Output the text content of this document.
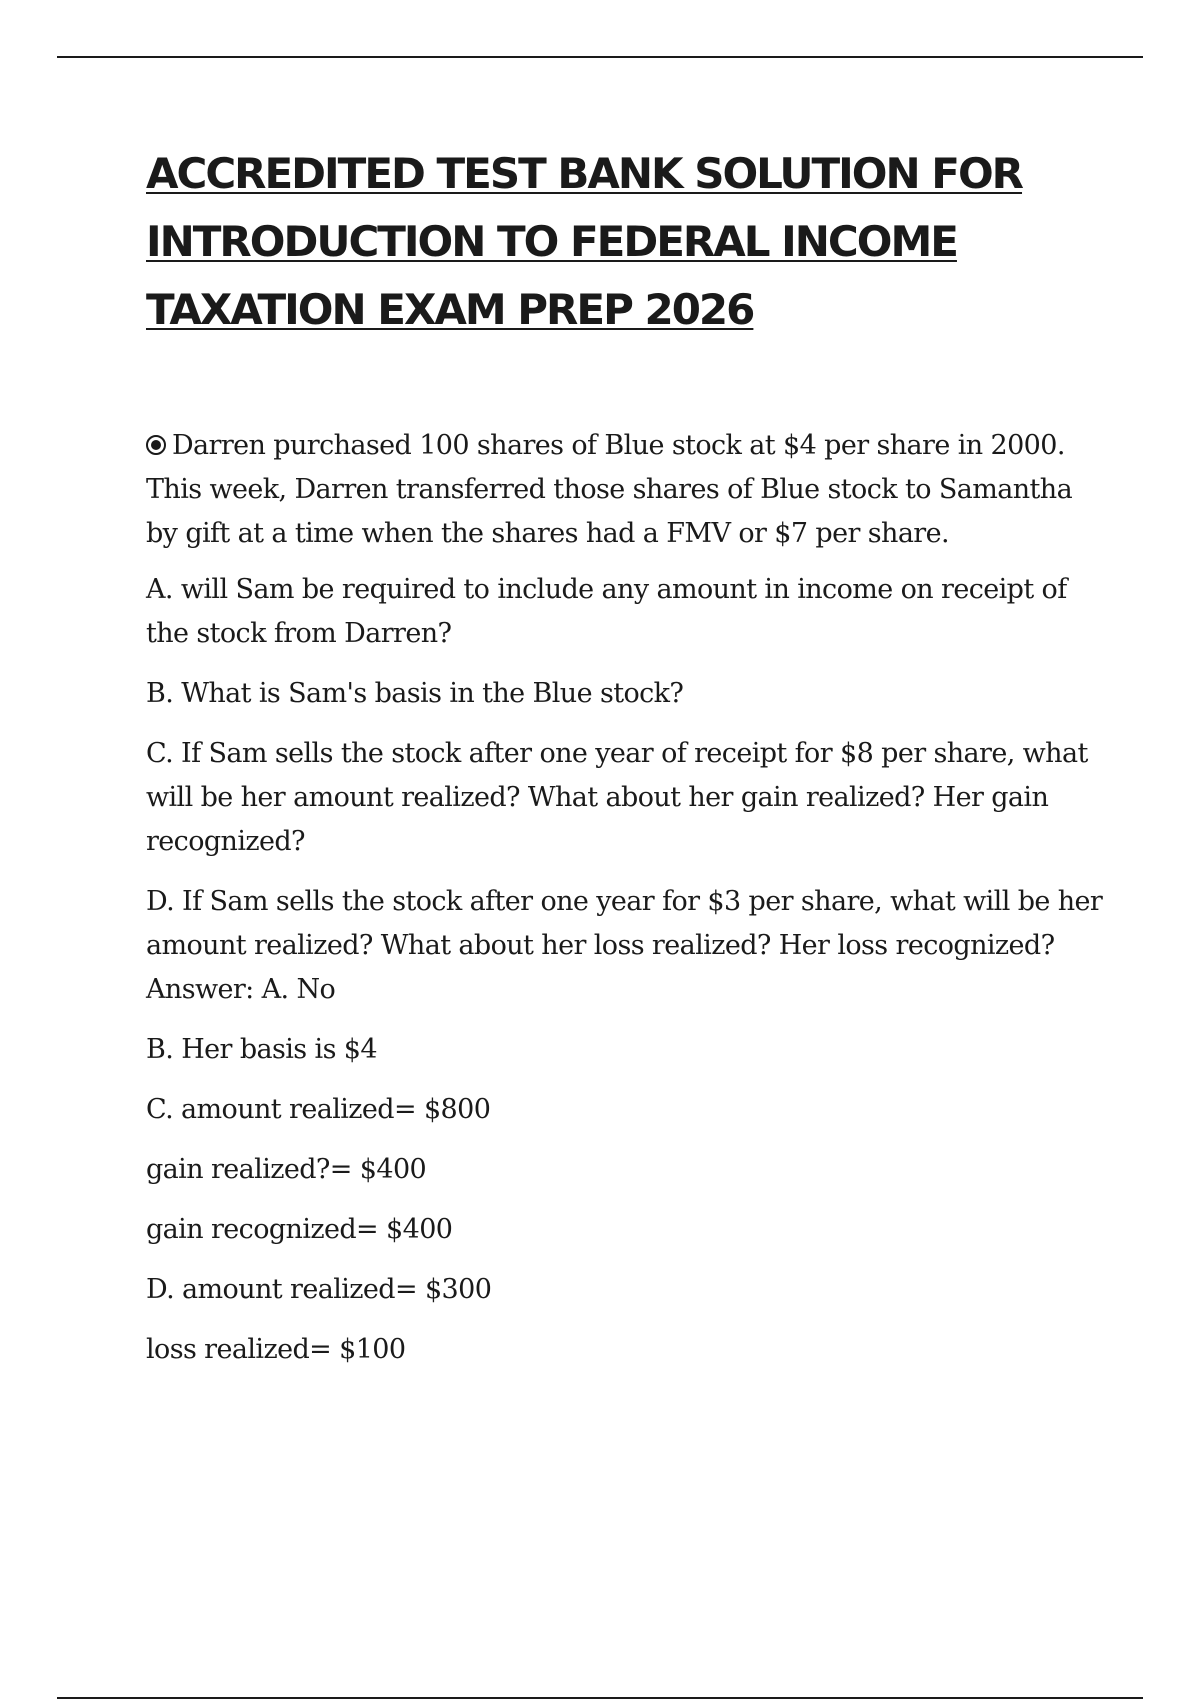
ACCREDITED TEST BANK SOLUTION FOR INTRODUCTION TO FEDERAL INCOME TAXATION EXAM PREP 2026

Darren purchased 100 shares of Blue stock at $4 per share in 2000. This week, Darren transferred those shares of Blue stock to Samantha by gift at a time when the shares had a FMV or $7 per share.

A. will Sam be required to include any amount in income on receipt of the stock from Darren?

B. What is Sam's basis in the Blue stock?

C. If Sam sells the stock after one year of receipt for $8 per share, what will be her amount realized? What about her gain realized? Her gain recognized?

D. If Sam sells the stock after one year for $3 per share, what will be her amount realized? What about her loss realized? Her loss recognized? Answer: A. No

B. Her basis is $4

C. amount realized= $800

gain realized?= $400

gain recognized= $400

D. amount realized= $300

loss realized= $100
